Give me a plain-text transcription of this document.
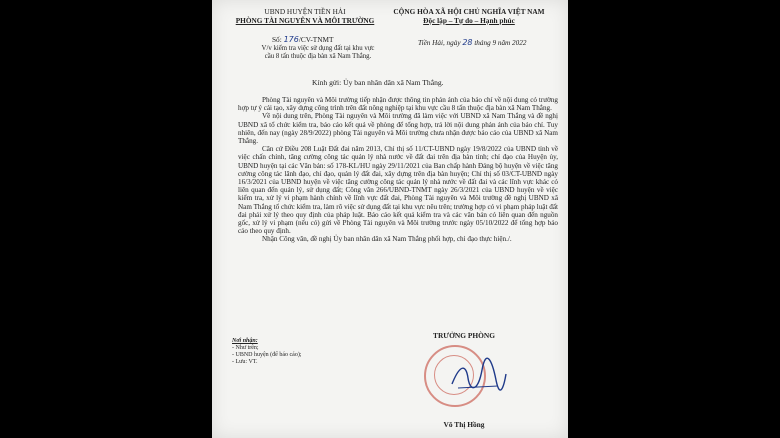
UBND HUYỆN TIỀN HẢI
PHÒNG TÀI NGUYÊN VÀ MÔI TRƯỜNG
CỘNG HÒA XÃ HỘI CHỦ NGHĨA VIỆT NAM
Độc lập – Tự do – Hạnh phúc
Số: 176/CV-TNMT
V/v kiểm tra việc sử dụng đất tại khu vực
cầu 8 tấn thuộc địa bàn xã Nam Thắng.
Tiền Hải, ngày 28 tháng 9 năm 2022
Kính gửi: Ủy ban nhân dân xã Nam Thắng.

Phòng Tài nguyên và Môi trường tiếp nhận được thông tin phản ánh của báo chí về nội dung có trường hợp tự ý cải tạo, xây dựng công trình trên đất nông nghiệp tại khu vực cầu 8 tấn thuộc địa bàn xã Nam Thắng.

Về nội dung trên, Phòng Tài nguyên và Môi trường đã làm việc với UBND xã Nam Thắng và đề nghị UBND xã tổ chức kiểm tra, báo cáo kết quả về phòng để tổng hợp, trả lời nội dung phản ánh của báo chí. Tuy nhiên, đến nay (ngày 28/9/2022) phòng Tài nguyên và Môi trường chưa nhận được báo cáo của UBND xã Nam Thắng.

Căn cứ Điều 208 Luật Đất đai năm 2013, Chỉ thị số 11/CT-UBND ngày 19/8/2022 của UBND tỉnh về việc chấn chỉnh, tăng cường công tác quản lý nhà nước về đất đai trên địa bàn tỉnh; chỉ đạo của Huyện ủy, UBND huyện tại các Văn bản: số 178-KL/HU ngày 29/11/2021 của Ban chấp hành Đảng bộ huyện về việc tăng cường công tác lãnh đạo, chỉ đạo, quản lý đất đai, xây dựng trên địa bàn huyện; Chỉ thị số 03/CT-UBND ngày 16/3/2021 của UBND huyện về việc tăng cường công tác quản lý nhà nước về đất đai và các lĩnh vực khác có liên quan đến quản lý, sử dụng đất; Công văn 266/UBND-TNMT ngày 26/3/2021 của UBND huyện về việc kiểm tra, xử lý vi phạm hành chính về lĩnh vực đất đai, Phòng Tài nguyên và Môi trường đề nghị UBND xã Nam Thắng tổ chức kiểm tra, làm rõ việc sử dụng đất tại khu vực nêu trên; trường hợp có vi phạm pháp luật đất đai phải xử lý theo quy định của pháp luật. Báo cáo kết quả kiểm tra và các văn bản có liên quan đến nguồn gốc, xử lý vi phạm (nếu có) gửi về Phòng Tài nguyên và Môi trường trước ngày 05/10/2022 để tổng hợp báo cáo theo quy định.

Nhận Công văn, đề nghị Ủy ban nhân dân xã Nam Thắng phối hợp, chỉ đạo thực hiện./.

Nơi nhận:
- Như trên;
- UBND huyện (để báo cáo);
- Lưu: VT.
TRƯỞNG PHÒNG
Võ Thị Hồng
